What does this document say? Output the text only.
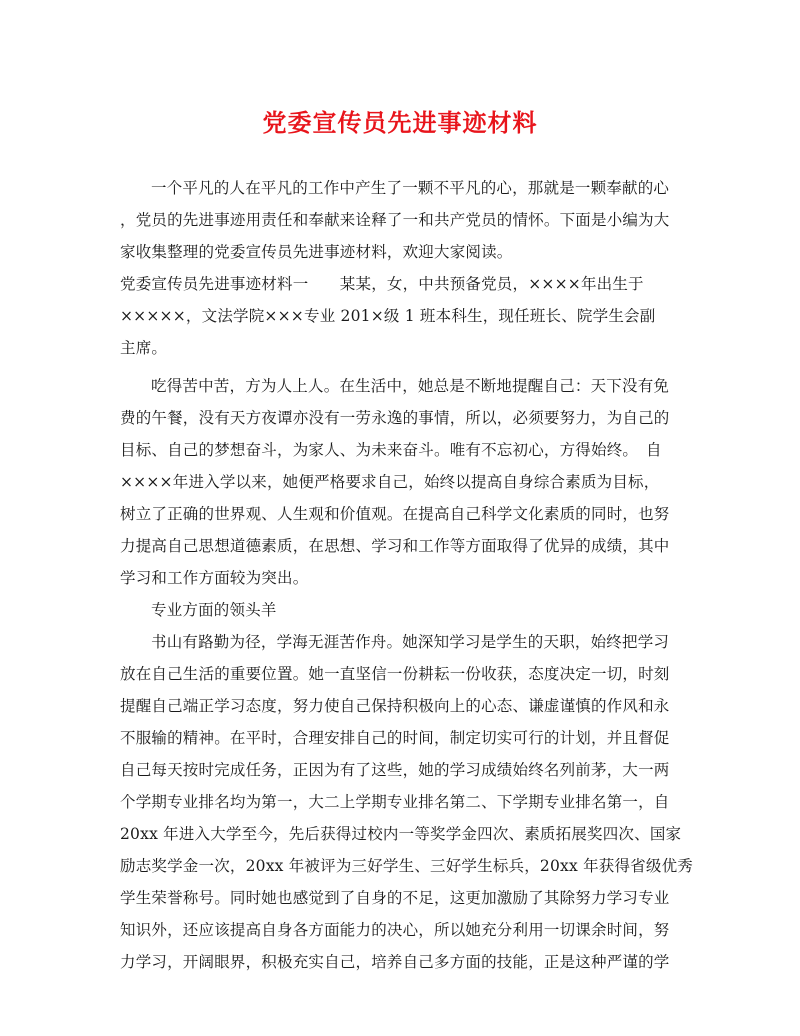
党委宣传员先进事迹材料

一个平凡的人在平凡的工作中产生了一颗不平凡的心，那就是一颗奉献的心
，党员的先进事迹用责任和奉献来诠释了一和共产党员的情怀。下面是小编为大
家收集整理的党委宣传员先进事迹材料，欢迎大家阅读。

党委宣传员先进事迹材料一　　某某，女，中共预备党员，××××年出生于
×××××，文法学院×××专业 201×级 1 班本科生，现任班长、院学生会副
主席。

吃得苦中苦，方为人上人。在生活中，她总是不断地提醒自己：天下没有免
费的午餐，没有天方夜谭亦没有一劳永逸的事情，所以，必须要努力，为自己的
目标、自己的梦想奋斗，为家人、为未来奋斗。唯有不忘初心，方得始终。　自
××××年进入学以来，她便严格要求自己，始终以提高自身综合素质为目标，
树立了正确的世界观、人生观和价值观。在提高自己科学文化素质的同时，也努
力提高自己思想道德素质，在思想、学习和工作等方面取得了优异的成绩，其中
学习和工作方面较为突出。

专业方面的领头羊

书山有路勤为径，学海无涯苦作舟。她深知学习是学生的天职，始终把学习
放在自己生活的重要位置。她一直坚信一份耕耘一份收获，态度决定一切，时刻
提醒自己端正学习态度，努力使自己保持积极向上的心态、谦虚谨慎的作风和永
不服输的精神。在平时，合理安排自己的时间，制定切实可行的计划，并且督促
自己每天按时完成任务，正因为有了这些，她的学习成绩始终名列前茅，大一两
个学期专业排名均为第一，大二上学期专业排名第二、下学期专业排名第一，自
20xx 年进入大学至今，先后获得过校内一等奖学金四次、素质拓展奖四次、国家
励志奖学金一次，20xx 年被评为三好学生、三好学生标兵，20xx 年获得省级优秀
学生荣誉称号。同时她也感觉到了自身的不足，这更加激励了其除努力学习专业
知识外，还应该提高自身各方面能力的决心，所以她充分利用一切课余时间，努
力学习，开阔眼界，积极充实自己，培养自己多方面的技能，正是这种严谨的学
